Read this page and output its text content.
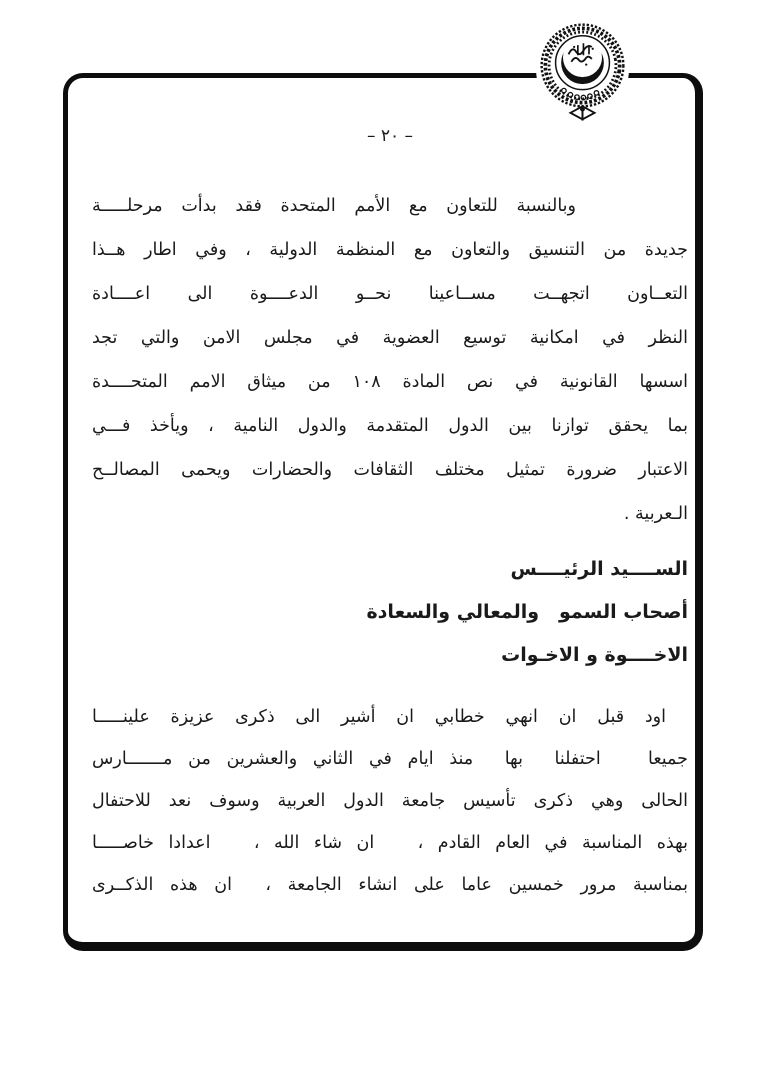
– ٢٠ –
وبالنسبة للتعاون مع الأمم المتحدة فقد بدأت مرحلـــــة
جديدة من التنسيق والتعاون مع المنظمة الدولية ، وفي اطار هــذا
التعــاون اتجهــت مســاعينا نحــو الدعــــوة الى اعــــادة
النظر في امكانية توسيع العضوية في مجلس الامن والتي تجد
اسسها القانونية في نص المادة ١٠٨ من ميثاق الامم المتحــــدة
بما يحقق توازنا بين الدول المتقدمة والدول النامية ، ويأخذ فـــي
الاعتبار ضرورة تمثيل مختلف الثقافات والحضارات ويحمى المصالــح
الـعربية .
الســــيد الرئيــــس
أصحاب السمو   والمعالي والسعادة
الاخــــوة و الاخـوات
اود قبل ان انهي خطابي ان أشير الى ذكرى عزيزة علينـــــا
جميعا   احتفلنا  بها  منذ ايام في الثاني والعشرين من مـــــــارس
الحالى وهي ذكرى تأسيس جامعة الدول العربية وسوف نعد للاحتفال
بهذه المناسبة في العام القادم ،   ان شاء الله ،   اعدادا خاصـــــا
بمناسبة مرور خمسين عاما على انشاء الجامعة ،  ان هذه الذكــرى
